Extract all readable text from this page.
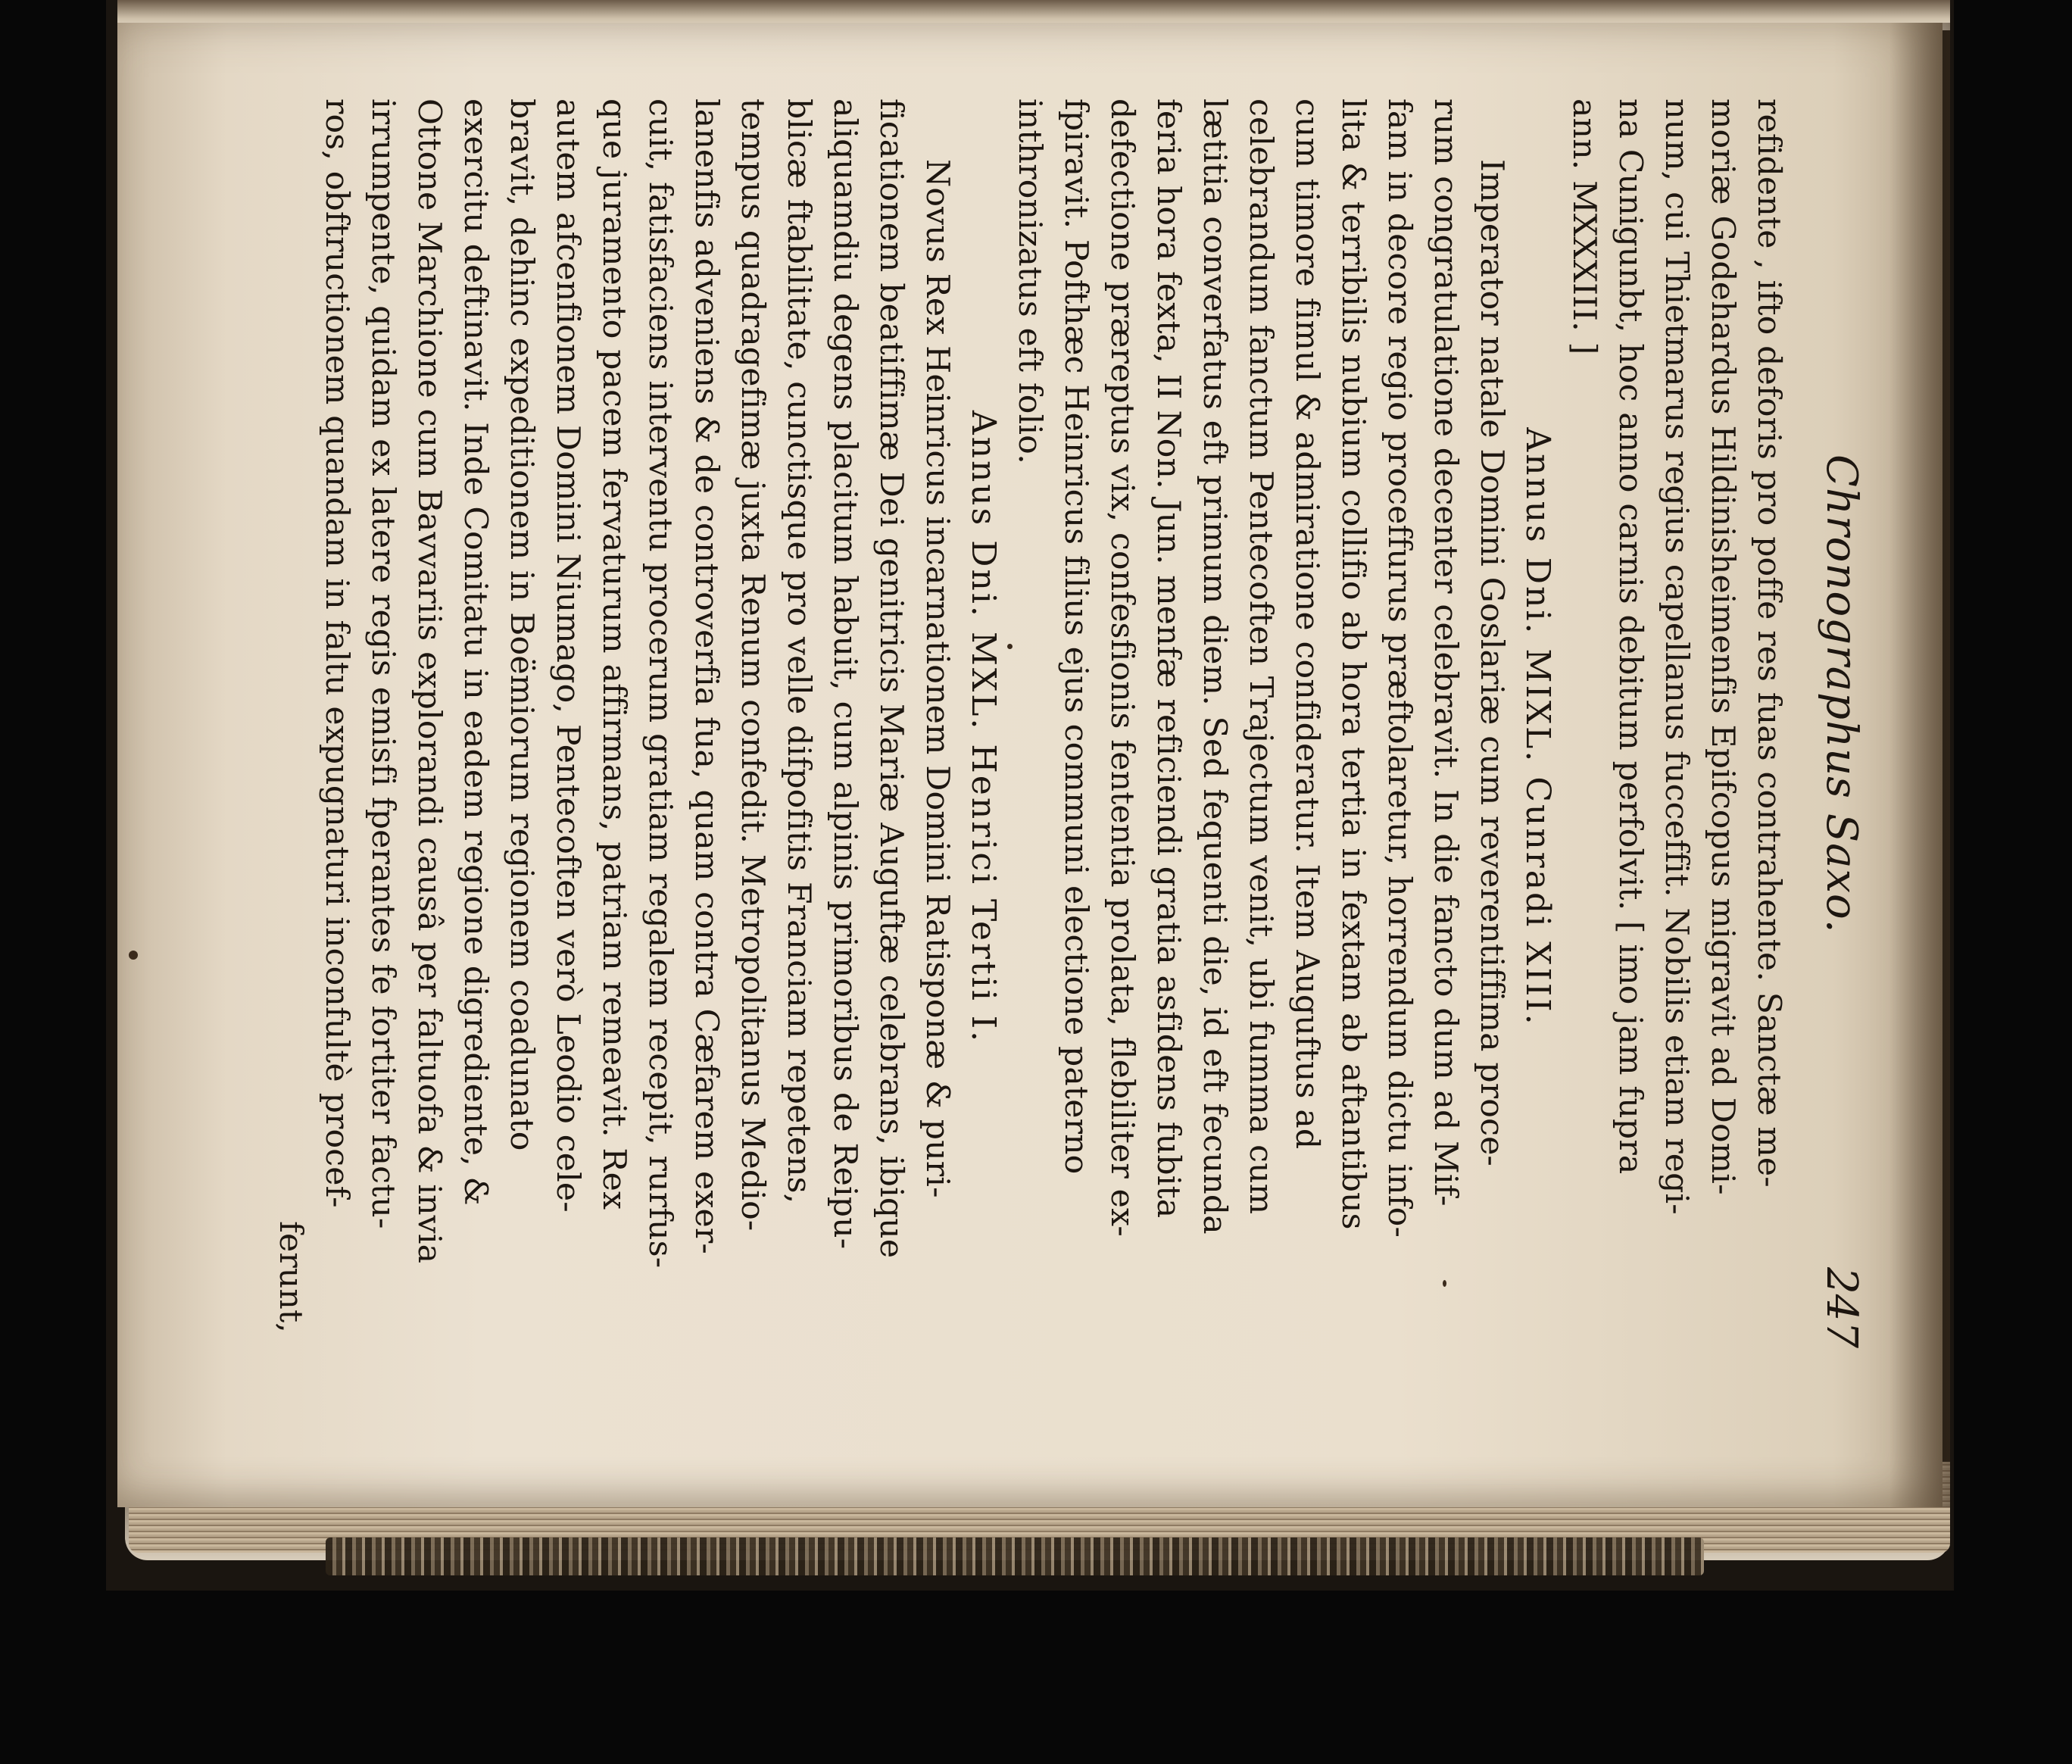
Chronographus Saxo.
247
refidente , ifto deforis pro poffe res fuas contrahente. Sanctæ me-
moriæ Godehardus Hildinisheimenfis Epifcopus migravit ad Domi-
num, cui Thietmarus regius capellanus fucceffit. Nobilis etiam regi-
na Cunigunbt, hoc anno carnis debitum perfolvit. [ imo jam fupra
ann. MXXXIII. ]
Annus Dni. MIXL. Cunradi XIII.
Imperator natale Domini Goslariæ cum reverentiffima proce-
rum congratulatione decenter celebravit. In die fancto dum ad Mif-
fam in decore regio proceffurus præftolaretur, horrendum dictu info-
lita & terribilis nubium collifio ab hora tertia in fextam ab aftantibus
cum timore fimul & admiratione confideratur. Item Auguftus ad
celebrandum fanctum Pentecoften Trajectum venit, ubi fumma cum
lætitia converfatus eft primum diem. Sed fequenti die, id eft fecunda
feria hora fexta, II Non. Jun. menfæ reficiendi gratia asfidens fubita
defectione præreptus vix, confesfionis fententia prolata, flebiliter ex-
fpiravit. Pofthæc Heinricus filius ejus communi electione paterno
inthronizatus eft folio.
Annus Dni. MXL. Henrici Tertii I.
Novus Rex Heinricus incarnationem Domini Ratisponæ & puri-
ficationem beatiffimæ Dei genitricis Mariæ Auguftæ celebrans, ibique
aliquamdiu degens placitum habuit, cum alpinis primoribus de Reipu-
blicæ ftabilitate, cunctisque pro velle difpofitis Franciam repetens,
tempus quadragefimæ juxta Renum confedit. Metropolitanus Medio-
lanenfis adveniens & de controverfia fua, quam contra Cæfarem exer-
cuit, fatisfaciens interventu procerum gratiam regalem recepit, rurfus-
que juramento pacem fervaturum affirmans, patriam remeavit. Rex
autem afcenfionem Domini Niumago, Pentecoften verò Leodio cele-
bravit, dehinc expeditionem in Boëmiorum regionem coadunato
exercitu deftinavit. Inde Comitatu in eadem regione digrediente, &
Ottone Marchione cum Bavvariis explorandi causâ per faltuofa & invia
irrumpente, quidam ex latere regis emisfi fperantes fe fortiter factu-
ros, obftructionem quandam in faltu expugnaturi inconfultè procef-
ferunt,
